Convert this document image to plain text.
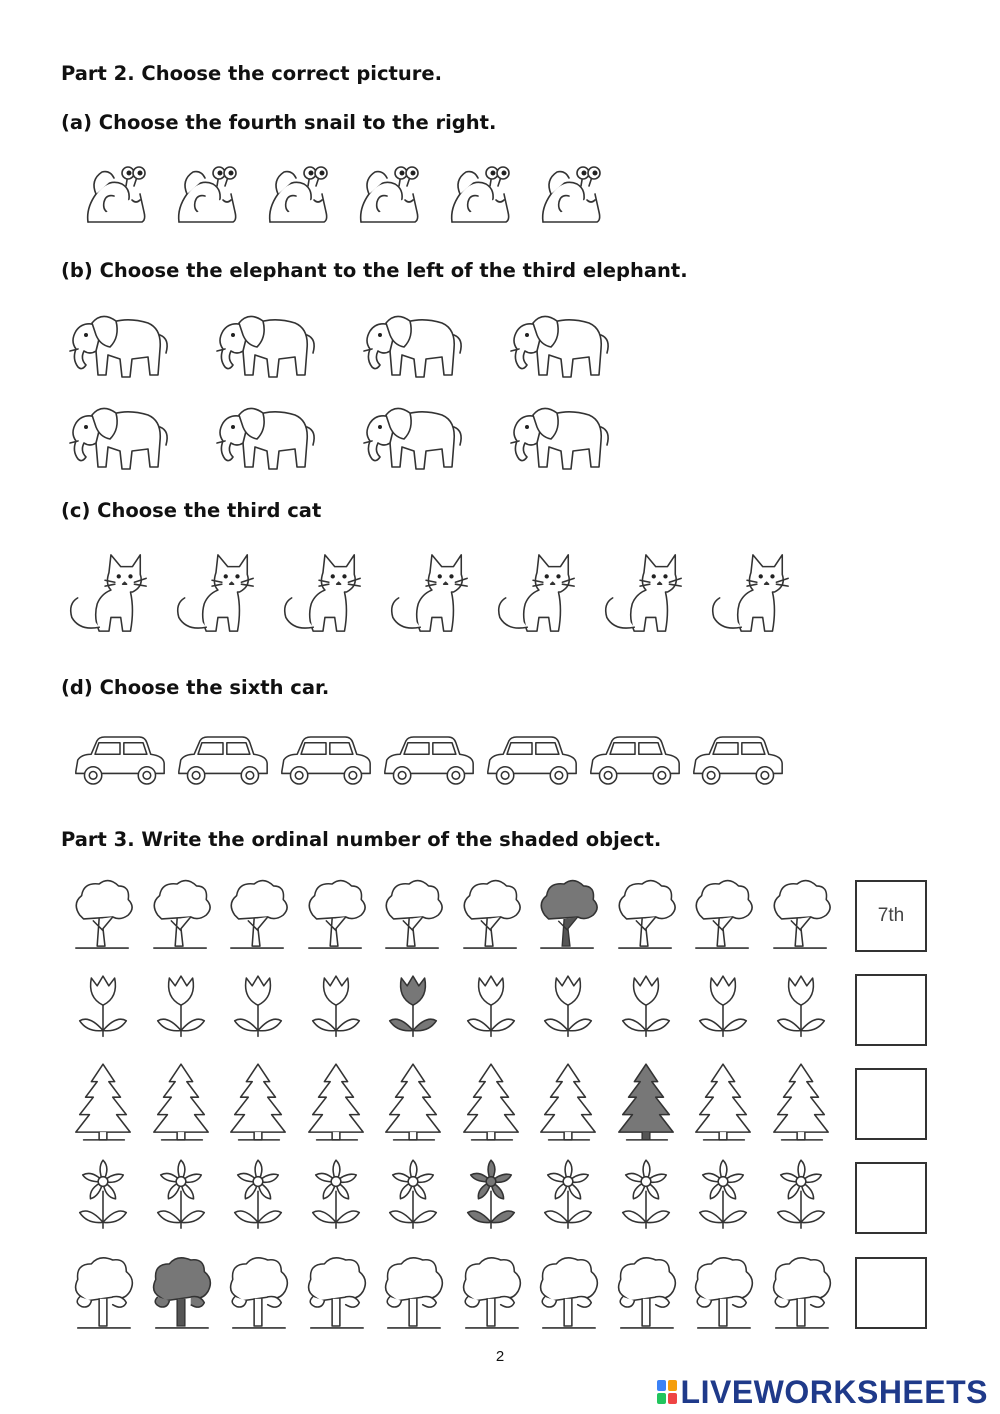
Part 2. Choose the correct picture.
(a) Choose the fourth snail to the right.
(b) Choose the elephant to the left of the third elephant.
(c) Choose the third cat
(d) Choose the sixth car.
Part 3. Write the ordinal number of the shaded object.
7th
2
LIVEWORKSHEETS
